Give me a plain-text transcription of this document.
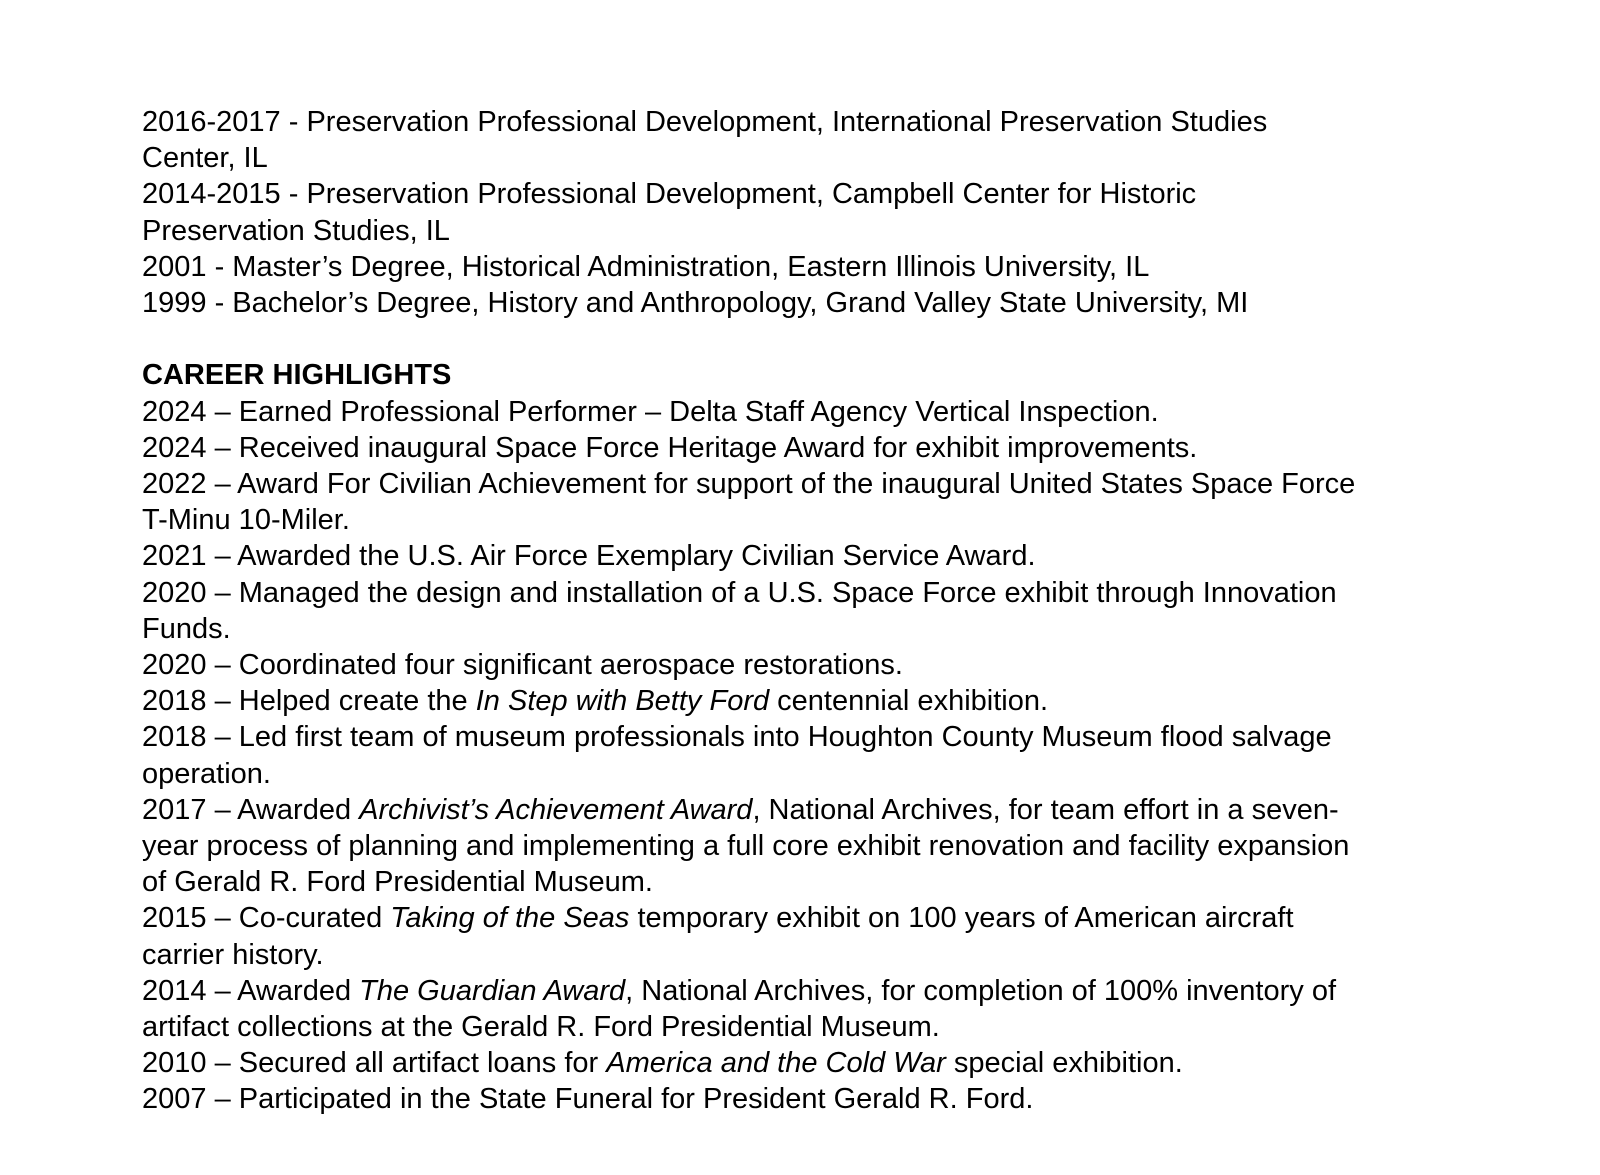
2016-2017 - Preservation Professional Development, International Preservation Studies

Center, IL

2014-2015 - Preservation Professional Development, Campbell Center for Historic

Preservation Studies, IL

2001 - Master’s Degree, Historical Administration, Eastern Illinois University, IL

1999 - Bachelor’s Degree, History and Anthropology, Grand Valley State University, MI

CAREER HIGHLIGHTS

2024 – Earned Professional Performer – Delta Staff Agency Vertical Inspection.

2024 – Received inaugural Space Force Heritage Award for exhibit improvements.

2022 – Award For Civilian Achievement for support of the inaugural United States Space Force

T-Minu 10-Miler.

2021 – Awarded the U.S. Air Force Exemplary Civilian Service Award.

2020 – Managed the design and installation of a U.S. Space Force exhibit through Innovation

Funds.

2020 – Coordinated four significant aerospace restorations.

2018 – Helped create the In Step with Betty Ford centennial exhibition.

2018 – Led first team of museum professionals into Houghton County Museum flood salvage

operation.

2017 – Awarded Archivist’s Achievement Award, National Archives, for team effort in a seven-

year process of planning and implementing a full core exhibit renovation and facility expansion

of Gerald R. Ford Presidential Museum.

2015 – Co-curated Taking of the Seas temporary exhibit on 100 years of American aircraft

carrier history.

2014 – Awarded The Guardian Award, National Archives, for completion of 100% inventory of

artifact collections at the Gerald R. Ford Presidential Museum.

2010 – Secured all artifact loans for America and the Cold War special exhibition.

2007 – Participated in the State Funeral for President Gerald R. Ford.
